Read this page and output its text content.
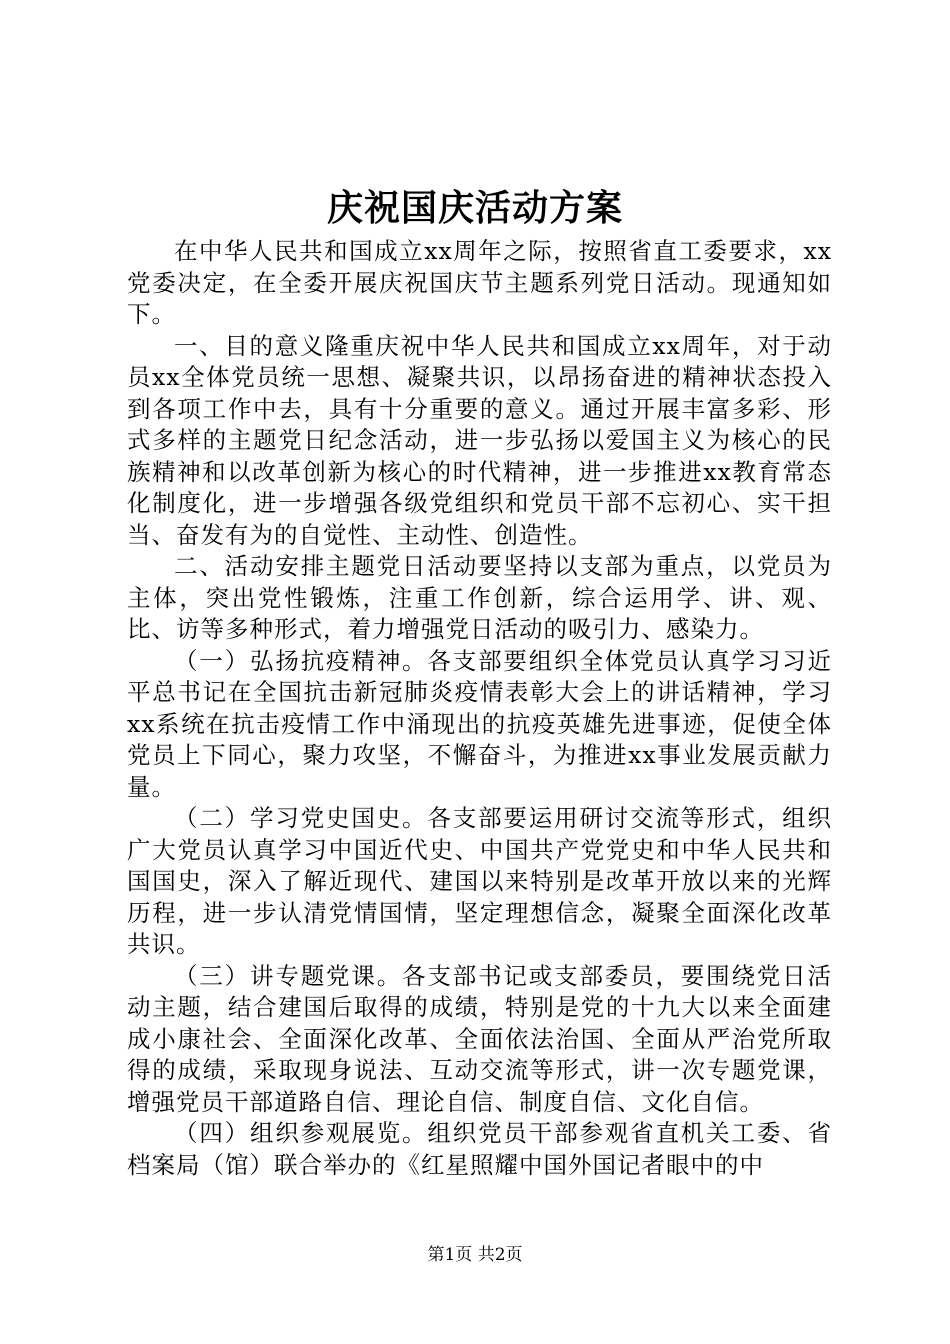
庆祝国庆活动方案

在中华人民共和国成立xx周年之际，按照省直工委要求，xx党委决定，在全委开展庆祝国庆节主题系列党日活动。现通知如下。

一、目的意义隆重庆祝中华人民共和国成立xx周年，对于动员xx全体党员统一思想、凝聚共识，以昂扬奋进的精神状态投入到各项工作中去，具有十分重要的意义。通过开展丰富多彩、形式多样的主题党日纪念活动，进一步弘扬以爱国主义为核心的民族精神和以改革创新为核心的时代精神，进一步推进xx教育常态化制度化，进一步增强各级党组织和党员干部不忘初心、实干担当、奋发有为的自觉性、主动性、创造性。

二、活动安排主题党日活动要坚持以支部为重点，以党员为主体，突出党性锻炼，注重工作创新，综合运用学、讲、观、比、访等多种形式，着力增强党日活动的吸引力、感染力。

（一）弘扬抗疫精神。各支部要组织全体党员认真学习习近平总书记在全国抗击新冠肺炎疫情表彰大会上的讲话精神，学习xx系统在抗击疫情工作中涌现出的抗疫英雄先进事迹，促使全体党员上下同心，聚力攻坚，不懈奋斗，为推进xx事业发展贡献力量。

（二）学习党史国史。各支部要运用研讨交流等形式，组织广大党员认真学习中国近代史、中国共产党党史和中华人民共和国国史，深入了解近现代、建国以来特别是改革开放以来的光辉历程，进一步认清党情国情，坚定理想信念，凝聚全面深化改革共识。

（三）讲专题党课。各支部书记或支部委员，要围绕党日活动主题，结合建国后取得的成绩，特别是党的十九大以来全面建成小康社会、全面深化改革、全面依法治国、全面从严治党所取得的成绩，采取现身说法、互动交流等形式，讲一次专题党课，增强党员干部道路自信、理论自信、制度自信、文化自信。

（四）组织参观展览。组织党员干部参观省直机关工委、省档案局（馆）联合举办的《红星照耀中国外国记者眼中的中

第1页 共2页
